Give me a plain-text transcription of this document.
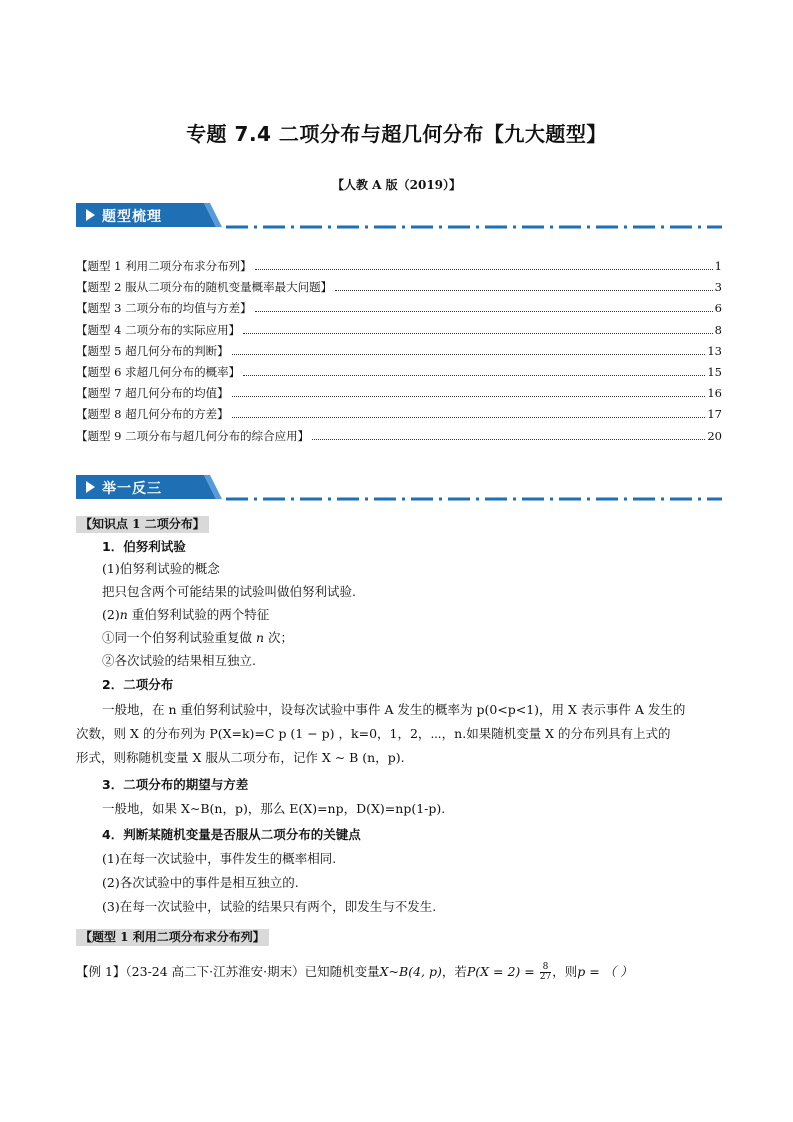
专题 7.4 二项分布与超几何分布【九大题型】
【人教 A 版（2019）】
题型梳理
【题型 1 利用二项分布求分布列】	1
【题型 2 服从二项分布的随机变量概率最大问题】	3
【题型 3 二项分布的均值与方差】	6
【题型 4 二项分布的实际应用】	8
【题型 5 超几何分布的判断】	13
【题型 6 求超几何分布的概率】	15
【题型 7 超几何分布的均值】	16
【题型 8 超几何分布的方差】	17
【题型 9 二项分布与超几何分布的综合应用】	20
举一反三
【知识点 1 二项分布】
1．伯努利试验
(1)伯努利试验的概念
把只包含两个可能结果的试验叫做伯努利试验.
(2)n 重伯努利试验的两个特征
①同一个伯努利试验重复做 n 次；
②各次试验的结果相互独立.
2．二项分布
一般地，在 n 重伯努利试验中，设每次试验中事件 A 发生的概率为 p(0<p<1)，用 X 表示事件 A 发生的
次数，则 X 的分布列为 P(X=k)=C p (1 − p) ，k=0，1，2，⋯，n.如果随机变量 X 的分布列具有上式的
形式，则称随机变量 X 服从二项分布，记作 X ∼ B (n，p).
3．二项分布的期望与方差
一般地，如果 X∼B(n，p)，那么 E(X)=np，D(X)=np(1-p).
4．判断某随机变量是否服从二项分布的关键点
(1)在每一次试验中，事件发生的概率相同.
(2)各次试验中的事件是相互独立的.
(3)在每一次试验中，试验的结果只有两个，即发生与不发生.
【题型 1 利用二项分布求分布列】
【例 1】（23-24 高二下·江苏淮安·期末）已知随机变量X~B(4, p)，若$P(X = 2) = \frac{8}{27}$ ，则p = （ ）
